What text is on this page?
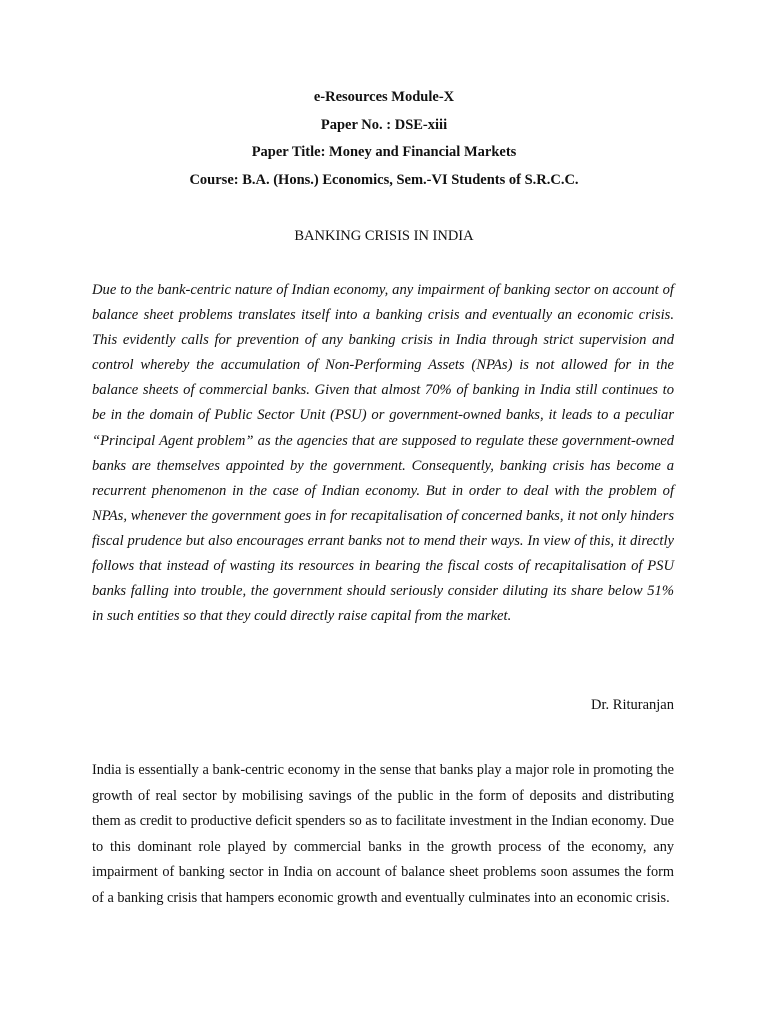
e-Resources Module-X
Paper No. : DSE-xiii
Paper Title: Money and Financial Markets
Course: B.A. (Hons.) Economics, Sem.-VI Students of S.R.C.C.
BANKING CRISIS IN INDIA

Due to the bank-centric nature of Indian economy, any impairment of banking sector on account of balance sheet problems translates itself into a banking crisis and eventually an economic crisis. This evidently calls for prevention of any banking crisis in India through strict supervision and control whereby the accumulation of Non-Performing Assets (NPAs) is not allowed for in the balance sheets of commercial banks. Given that almost 70% of banking in India still continues to be in the domain of Public Sector Unit (PSU) or government-owned banks, it leads to a peculiar “Principal Agent problem” as the agencies that are supposed to regulate these government-owned banks are themselves appointed by the government. Consequently, banking crisis has become a recurrent phenomenon in the case of Indian economy. But in order to deal with the problem of NPAs, whenever the government goes in for recapitalisation of concerned banks, it not only hinders fiscal prudence but also encourages errant banks not to mend their ways. In view of this, it directly follows that instead of wasting its resources in bearing the fiscal costs of recapitalisation of PSU banks falling into trouble, the government should seriously consider diluting its share below 51% in such entities so that they could directly raise capital from the market.

Dr. Rituranjan

India is essentially a bank-centric economy in the sense that banks play a major role in promoting the growth of real sector by mobilising savings of the public in the form of deposits and distributing them as credit to productive deficit spenders so as to facilitate investment in the Indian economy. Due to this dominant role played by commercial banks in the growth process of the economy, any impairment of banking sector in India on account of balance sheet problems soon assumes the form of a banking crisis that hampers economic growth and eventually culminates into an economic crisis.
